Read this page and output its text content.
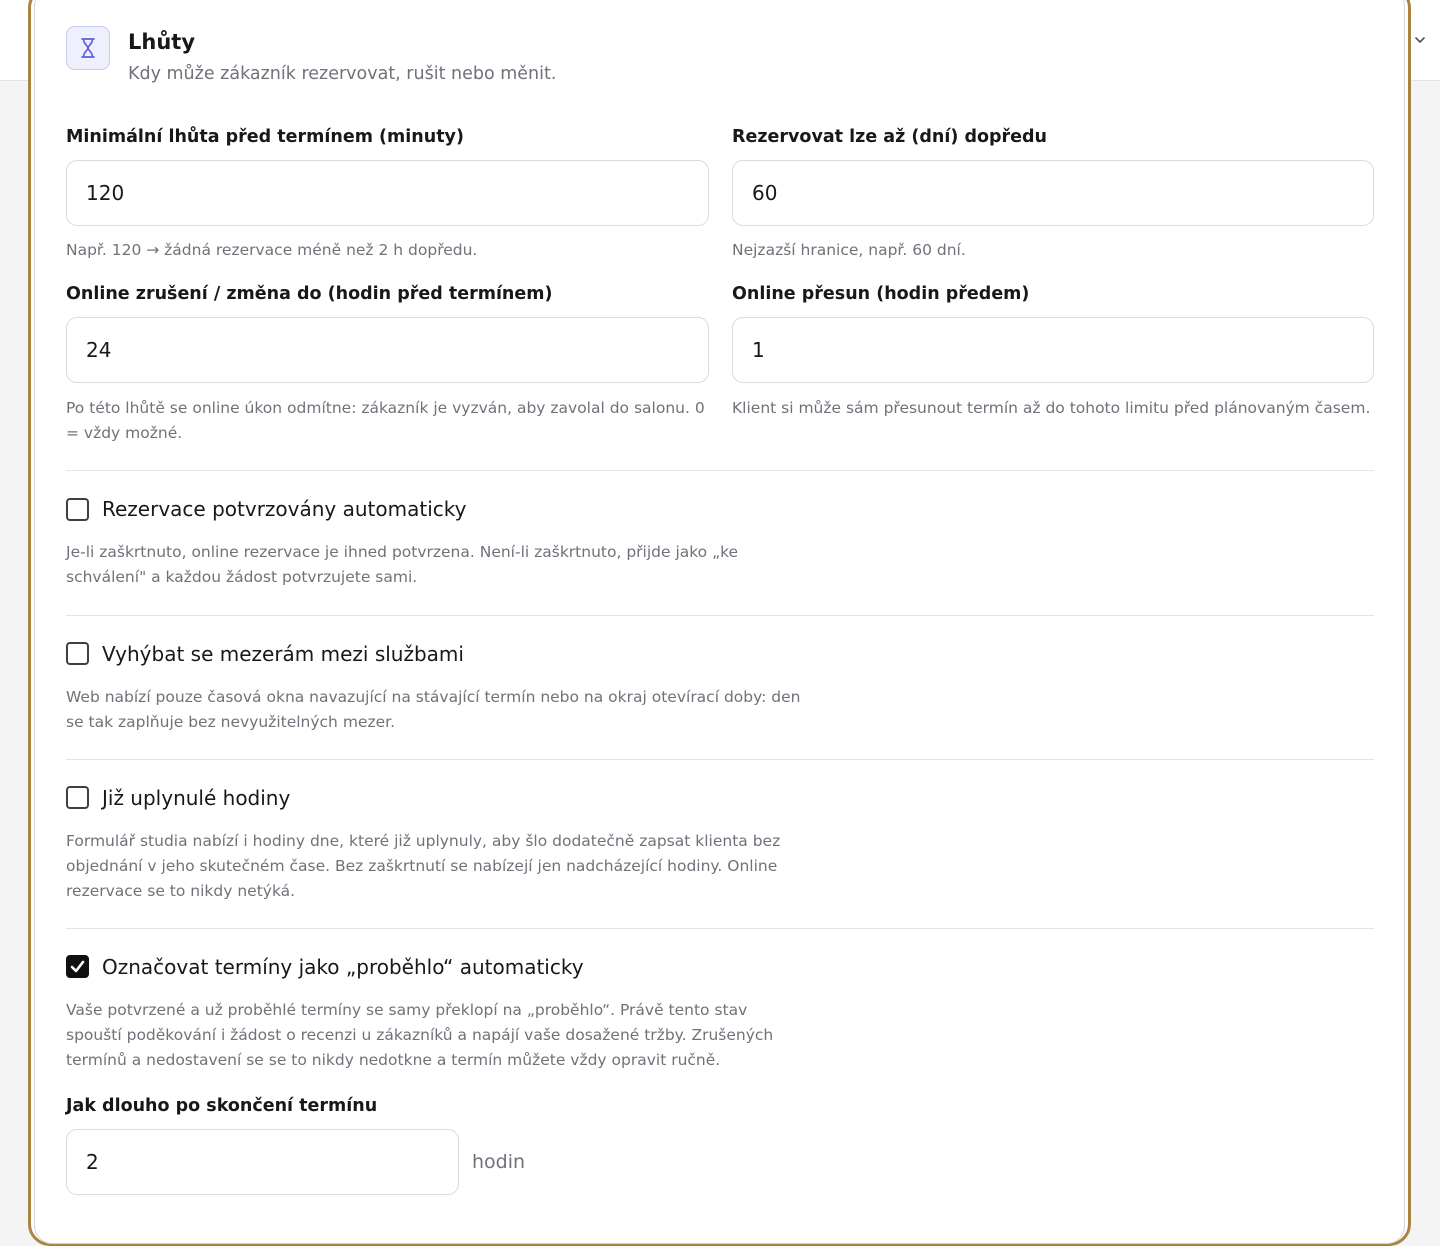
Lhůty
Kdy může zákazník rezervovat, rušit nebo měnit.
Minimální lhůta před termínem (minuty)
120
Např. 120 → žádná rezervace méně než 2 h dopředu.
Rezervovat lze až (dní) dopředu
60
Nejzazší hranice, např. 60 dní.
Online zrušení / změna do (hodin před termínem)
24
Po této lhůtě se online úkon odmítne: zákazník je vyzván, aby zavolal do salonu. 0 = vždy možné.
Online přesun (hodin předem)
1
Klient si může sám přesunout termín až do tohoto limitu před plánovaným časem.
Rezervace potvrzovány automaticky
Je-li zaškrtnuto, online rezervace je ihned potvrzena. Není-li zaškrtnuto, přijde jako „ke schválení" a každou žádost potvrzujete sami.
Vyhýbat se mezerám mezi službami
Web nabízí pouze časová okna navazující na stávající termín nebo na okraj otevírací doby: den se tak zaplňuje bez nevyužitelných mezer.
Již uplynulé hodiny
Formulář studia nabízí i hodiny dne, které již uplynuly, aby šlo dodatečně zapsat klienta bez objednání v jeho skutečném čase. Bez zaškrtnutí se nabízejí jen nadcházející hodiny. Online rezervace se to nikdy netýká.
Označovat termíny jako „proběhlo“ automaticky
Vaše potvrzené a už proběhlé termíny se samy překlopí na „proběhlo“. Právě tento stav spouští poděkování i žádost o recenzi u zákazníků a napájí vaše dosažené tržby. Zrušených termínů a nedostavení se se to nikdy nedotkne a termín můžete vždy opravit ručně.
Jak dlouho po skončení termínu
2
hodin
